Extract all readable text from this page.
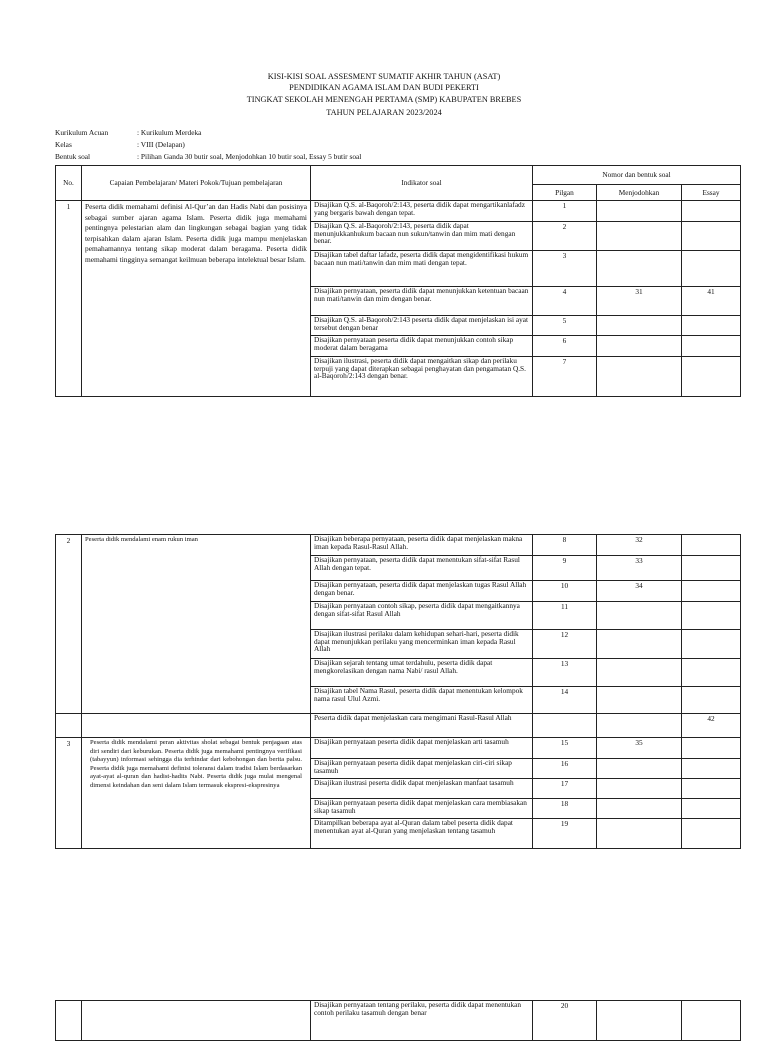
KISI-KISI SOAL ASSESMENT SUMATIF AKHIR TAHUN (ASAT)
PENDIDIKAN AGAMA ISLAM DAN BUDI PEKERTI
TINGKAT SEKOLAH MENENGAH PERTAMA (SMP) KABUPATEN BREBES
TAHUN PELAJARAN 2023/2024
Kurikulum Acuan	: Kurikulum Merdeka
Kelas	: VIII (Delapan)
Bentuk soal	: Pilihan Ganda 30 butir soal, Menjodohkan 10 butir soal, Essay 5 butir soal
No.	Capaian Pembelajaran/ Materi Pokok/Tujuan pembelajaran	Indikator soal	Nomor dan bentuk soal		
			Pilgan	Menjodohkan	Essay
1	Peserta didik memahami definisi Al-Qur’an dan Hadis Nabi dan posisinya sebagai sumber ajaran agama Islam. Peserta didik juga memahami pentingnya pelestarian alam dan lingkungan sebagai bagian yang tidak terpisahkan dalam ajaran Islam. Peserta didik juga mampu menjelaskan pemahamannya tentang sikap moderat dalam beragama. Peserta didik memahami tingginya semangat keilmuan beberapa intelektual besar Islam.	Disajikan Q.S. al-Baqoroh/2:143, peserta didik dapat mengartikanlafadz yang bergaris bawah dengan tepat.	1		
		Disajikan Q.S. al-Baqoroh/2:143, peserta didik dapat menunjukkanhukum bacaan nun sukun/tanwin dan mim mati dengan benar.	2		
		Disajikan tabel daftar lafadz, peserta didik dapat mengidentifikasi hukum bacaan nun mati/tanwin dan mim mati dengan tepat.	3		
		Disajikan pernyataan, peserta didik dapat menunjukkan ketentuan bacaan nun mati/tanwin dan mim dengan benar.	4	31	41
		Disajikan Q.S. al-Baqoroh/2:143 peserta didik dapat menjelaskan isi ayat tersebut dengan benar	5		
		Disajikan pernyataan peserta didik dapat menunjukkan contoh sikap moderat dalam beragama	6		
		Disajikan ilustrasi, peserta didik dapat mengaitkan sikap dan perilaku terpuji yang dapat diterapkan sebagai penghayatan dan pengamatan Q.S. al-Baqoroh/2:143 dengan benar.	7		
2	Peserta didik mendalami enam rukun iman	Disajikan beberapa pernyataan, peserta didik dapat menjelaskan makna iman kepada Rasul-Rasul Allah.	8	32	
		Disajikan pernyataan, peserta didik dapat menentukan sifat-sifat Rasul Allah dengan tepat.	9	33	
		Disajikan pernyataan, peserta didik dapat menjelaskan tugas Rasul Allah dengan benar.	10	34	
		Disajikan pernyataan contoh sikap, peserta didik dapat mengaitkannya dengan sifat-sifat Rasul Allah	11		
		Disajikan ilustrasi perilaku dalam kehidupan sehari-hari, peserta didik dapat menunjukkan perilaku yang mencerminkan iman kepada Rasul Allah	12		
		Disajikan sejarah tentang umat terdahulu, peserta didik dapat mengkorelasikan dengan nama Nabi/ rasul Allah.	13		
		Disajikan tabel Nama Rasul, peserta didik dapat menentukan kelompok nama rasul Ulul Azmi.	14		
		Peserta didik dapat menjelaskan cara mengimani Rasul-Rasul Allah			42
3	Peserta didik mendalami peran aktivitas sholat sebagai bentuk penjagaan atas diri sendiri dari keburukan. Peserta didik juga memahami pentingnya verifikasi (tabayyun) informasi sehingga dia terhindar dari kebohongan dan berita palsu. Peserta didik juga memahami definisi toleransi dalam tradisi Islam berdasarkan ayat-ayat al-quran dan hadist-hadits Nabi. Peserta didik juga mulai mengenal dimensi keindahan dan seni dalam Islam termasuk ekspresi-ekspresinya	Disajikan pernyataan peserta didik dapat menjelaskan arti tasamuh	15	35	
		Disajikan pernyataan peserta didik dapat menjelaskan ciri-ciri sikap tasamuh	16		
		Disajikan ilustrasi peserta didik dapat menjelaskan manfaat tasamuh	17		
		Disajikan pernyataan peserta didik dapat menjelaskan cara membiasakan sikap tasamuh	18		
		Ditampilkan beberapa ayat al-Quran dalam tabel peserta didik dapat menentukan ayat al-Quran yang menjelaskan tentang tasamuh	19		
		Disajikan pernyataan tentang perilaku, peserta didik dapat menentukan contoh perilaku tasamuh dengan benar	20		
